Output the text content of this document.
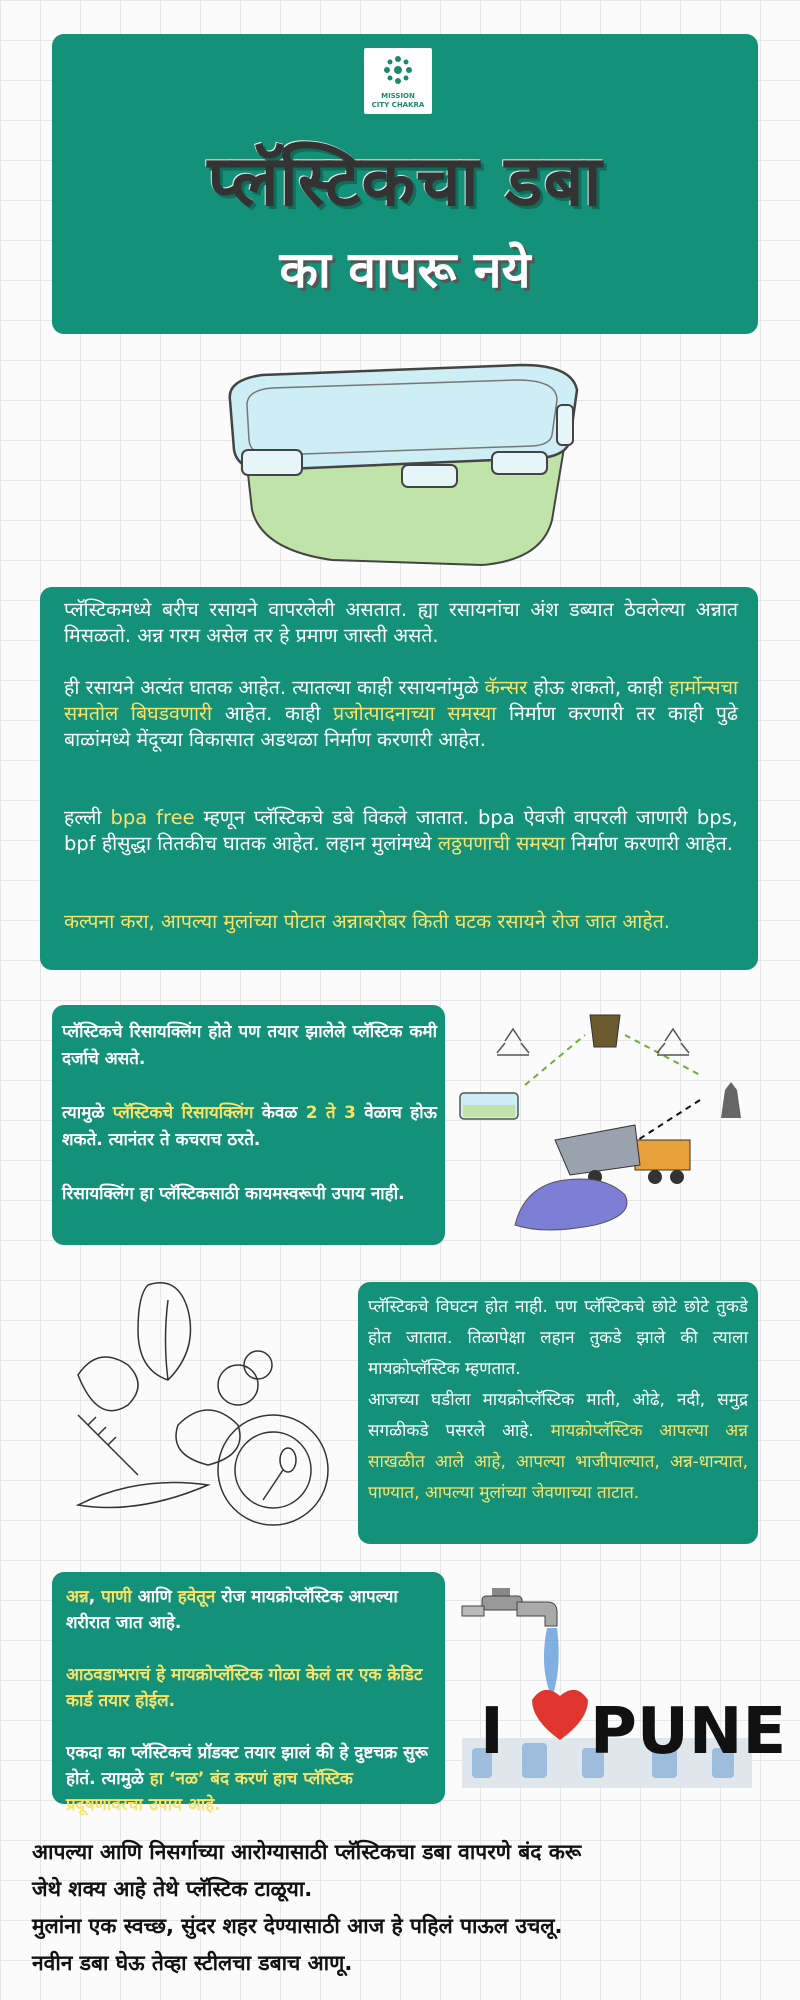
MISSION
CITY CHAKRA
प्लॅस्टिकचा डबा
का वापरू नये

प्लॅस्टिकमध्ये बरीच रसायने वापरलेली असतात. ह्या रसायनांचा अंश डब्यात ठेवलेल्या अन्नात मिसळतो. अन्न गरम असेल तर हे प्रमाण जास्ती असते.

ही रसायने अत्यंत घातक आहेत. त्यातल्या काही रसायनांमुळे कॅन्सर होऊ शकतो, काही हार्मोन्सचा समतोल बिघडवणारी आहेत. काही प्रजोत्पादनाच्या समस्या निर्माण करणारी तर काही पुढे बाळांमध्ये मेंदूच्या विकासात अडथळा निर्माण करणारी आहेत.

हल्ली bpa free म्हणून प्लॅस्टिकचे डबे विकले जातात. bpa ऐवजी वापरली जाणारी bps, bpf हीसुद्धा तितकीच घातक आहेत. लहान मुलांमध्ये लठ्ठपणाची समस्या निर्माण करणारी आहेत.

कल्पना करा, आपल्या मुलांच्या पोटात अन्नाबरोबर किती घटक रसायने रोज जात आहेत.

प्लॅस्टिकचे रिसायक्लिंग होते पण तयार झालेले प्लॅस्टिक कमी दर्जाचे असते.

त्यामुळे प्लॅस्टिकचे रिसायक्लिंग केवळ 2 ते 3 वेळाच होऊ शकते. त्यानंतर ते कचराच ठरते.

रिसायक्लिंग हा प्लॅस्टिकसाठी कायमस्वरूपी उपाय नाही.

प्लॅस्टिकचे विघटन होत नाही. पण प्लॅस्टिकचे छोटे छोटे तुकडे होत जातात. तिळापेक्षा लहान तुकडे झाले की त्याला मायक्रोप्लॅस्टिक म्हणतात.

आजच्या घडीला मायक्रोप्लॅस्टिक माती, ओढे, नदी, समुद्र सगळीकडे पसरले आहे. मायक्रोप्लॅस्टिक आपल्या अन्न साखळीत आले आहे, आपल्या भाजीपाल्यात, अन्न-धान्यात, पाण्यात, आपल्या मुलांच्या जेवणाच्या ताटात.

अन्न, पाणी आणि हवेतून रोज मायक्रोप्लॅस्टिक आपल्या शरीरात जात आहे.

आठवडाभराचं हे मायक्रोप्लॅस्टिक गोळा केलं तर एक क्रेडिट कार्ड तयार होईल.

एकदा का प्लॅस्टिकचं प्रॉडक्ट तयार झालं की हे दुष्टचक्र सुरू होतं. त्यामुळे हा ‘नळ’ बंद करणं हाच प्लॅस्टिक प्रदूषणावरचा उपाय आहे.

I PUNE
आपल्या आणि निसर्गाच्या आरोग्यासाठी प्लॅस्टिकचा डबा वापरणे बंद करू
जेथे शक्य आहे तेथे प्लॅस्टिक टाळूया.
मुलांना एक स्वच्छ, सुंदर शहर देण्यासाठी आज हे पहिलं पाऊल उचलू.
नवीन डबा घेऊ तेव्हा स्टीलचा डबाच आणू.
